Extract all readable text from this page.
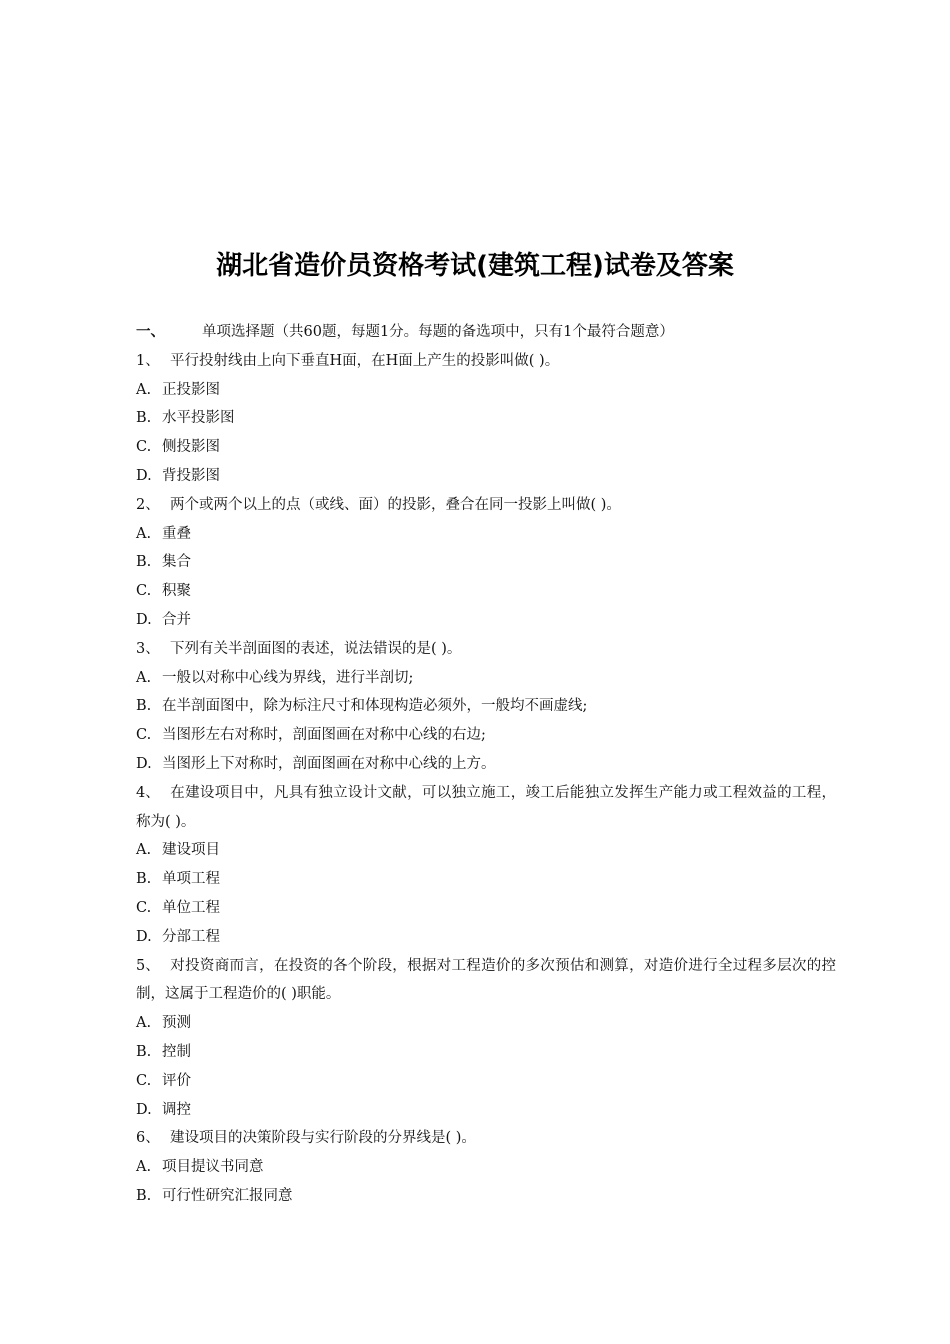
湖北省造价员资格考试(建筑工程)试卷及答案
一、	单项选择题（共60题，每题1分。每题的备选项中，只有1个最符合题意）
1、 平行投射线由上向下垂直H面，在H面上产生的投影叫做( )。
A. 正投影图
B. 水平投影图
C. 侧投影图
D. 背投影图
2、 两个或两个以上的点（或线、面）的投影，叠合在同一投影上叫做( )。
A. 重叠
B. 集合
C. 积聚
D. 合并
3、 下列有关半剖面图的表述，说法错误的是( )。
A. 一般以对称中心线为界线，进行半剖切;
B. 在半剖面图中，除为标注尺寸和体现构造必须外，一般均不画虚线;
C. 当图形左右对称时，剖面图画在对称中心线的右边;
D. 当图形上下对称时，剖面图画在对称中心线的上方。
4、 在建设项目中，凡具有独立设计文献，可以独立施工，竣工后能独立发挥生产能力或工程效益的工程，称为( )。
A. 建设项目
B. 单项工程
C. 单位工程
D. 分部工程
5、 对投资商而言，在投资的各个阶段，根据对工程造价的多次预估和测算，对造价进行全过程多层次的控制，这属于工程造价的( )职能。
A. 预测
B. 控制
C. 评价
D. 调控
6、 建设项目的决策阶段与实行阶段的分界线是( )。
A. 项目提议书同意
B. 可行性研究汇报同意
